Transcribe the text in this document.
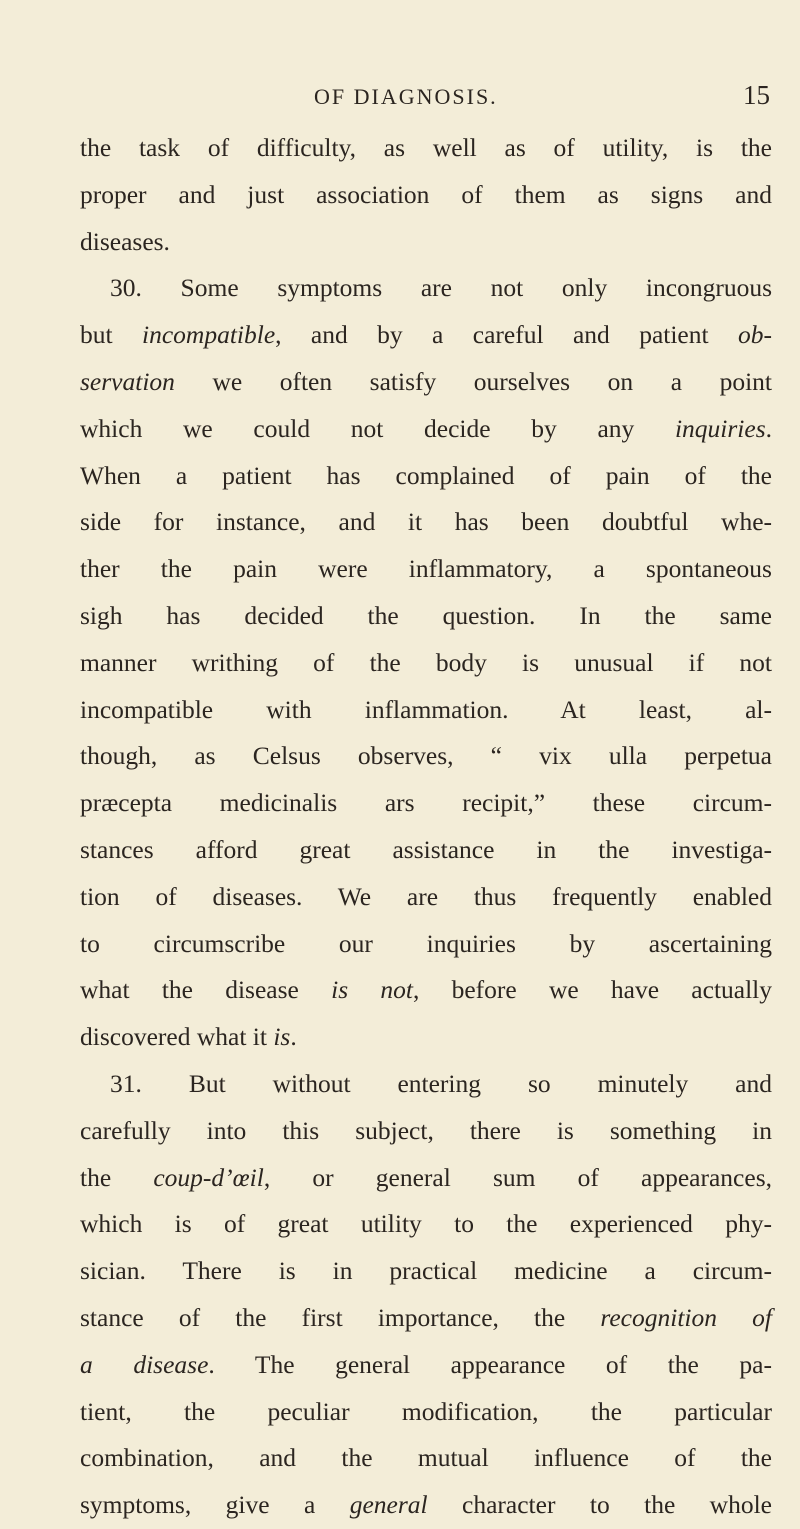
OF DIAGNOSIS.	15
the task of difficulty, as well as of utility, is the
proper and just association of them as signs and
diseases.
30. Some symptoms are not only incongruous
but incompatible, and by a careful and patient ob-
servation we often satisfy ourselves on a point
which we could not decide by any inquiries.
When a patient has complained of pain of the
side for instance, and it has been doubtful whe-
ther the pain were inflammatory, a spontaneous
sigh has decided the question. In the same
manner writhing of the body is unusual if not
incompatible with inflammation. At least, al-
though, as Celsus observes, “ vix ulla perpetua
præcepta medicinalis ars recipit,” these circum-
stances afford great assistance in the investiga-
tion of diseases. We are thus frequently enabled
to circumscribe our inquiries by ascertaining
what the disease is not, before we have actually
discovered what it is.
31. But without entering so minutely and
carefully into this subject, there is something in
the coup-d’œil, or general sum of appearances,
which is of great utility to the experienced phy-
sician. There is in practical medicine a circum-
stance of the first importance, the recognition of
a disease. The general appearance of the pa-
tient, the peculiar modification, the particular
combination, and the mutual influence of the
symptoms, give a general character to the whole
